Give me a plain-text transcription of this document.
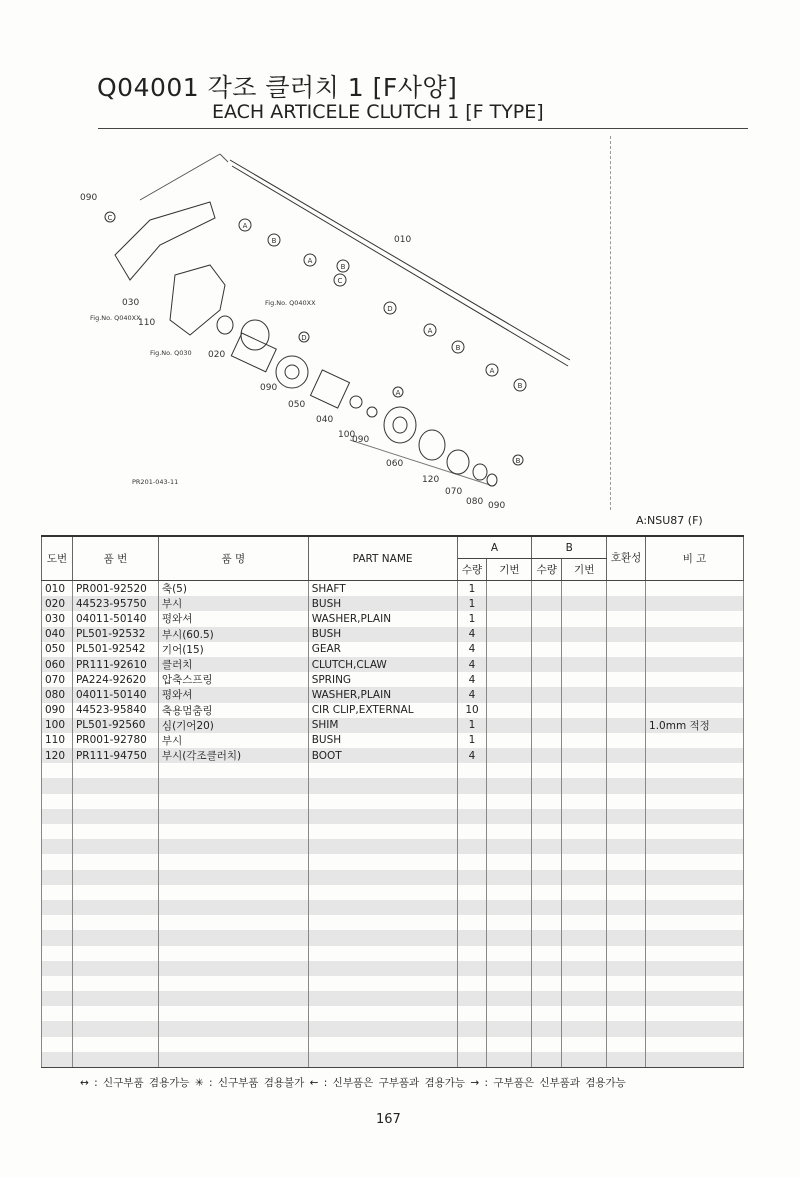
Q04001 각조 클러치 1 [F사양]
EACH ARTICELE CLUTCH 1 [F TYPE]
090
030
110
020
090
050
040
100
090
060
120
070
080 090
010
Fig.No. Q040XX
Fig.No. Q040XX
Fig.No. Q030
PR201-043-11
A
B
A
B
C
C
D
D
A
B
A
B
A
B
A:NSU87 (F)
도번	품 번	품 명	PART NAME	A		B		호환성	비 고
				수량	기번	수량	기번		
010	PR001-92520	축(5)	SHAFT	1					
020	44523-95750	부시	BUSH	1					
030	04011-50140	평와셔	WASHER,PLAIN	1					
040	PL501-92532	부시(60.5)	BUSH	4					
050	PL501-92542	기어(15)	GEAR	4					
060	PR111-92610	클러치	CLUTCH,CLAW	4					
070	PA224-92620	압축스프링	SPRING	4					
080	04011-50140	평와셔	WASHER,PLAIN	4					
090	44523-95840	축용멈춤링	CIR CLIP,EXTERNAL	10					
100	PL501-92560	심(기어20)	SHIM	1					1.0mm 적정
110	PR001-92780	부시	BUSH	1					
120	PR111-94750	부시(각조클러치)	BOOT	4					

↔ : 신구부품 겸용가능 ✳ : 신구부품 겸용불가 ← : 신부품은 구부품과 겸용가능 → : 구부품은 신부품과 겸용가능
167
